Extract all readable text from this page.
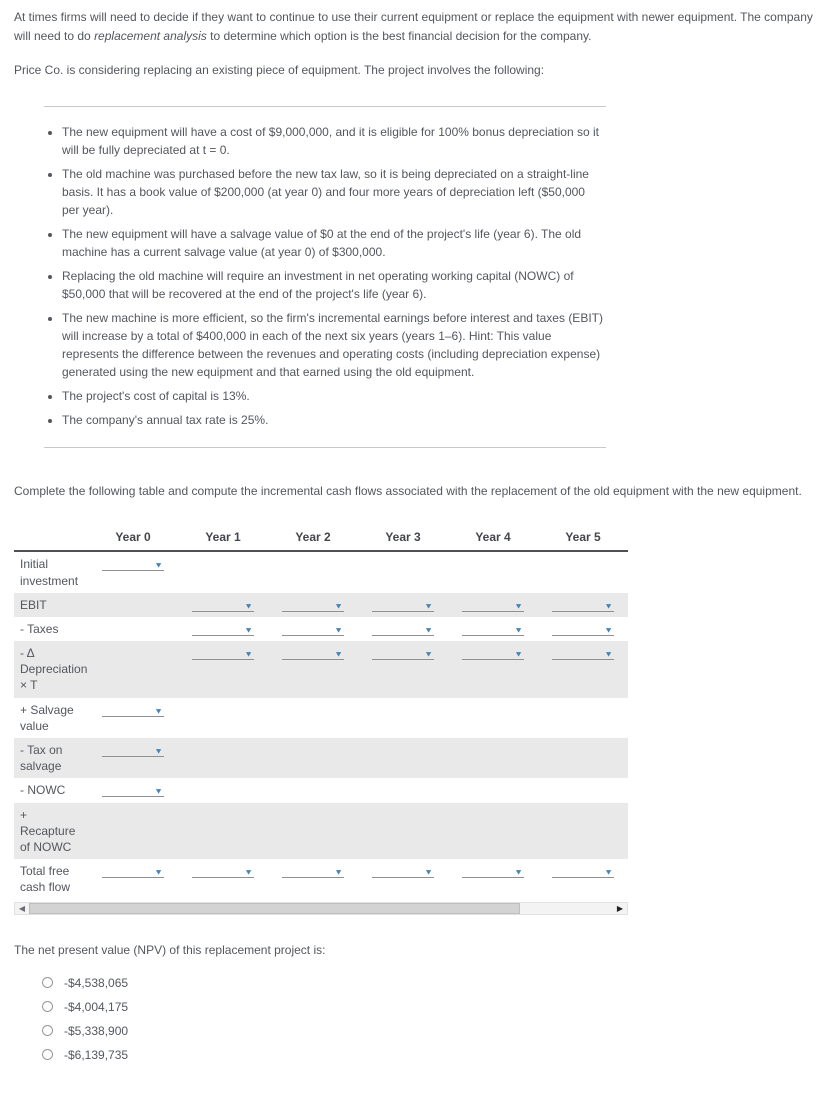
At times firms will need to decide if they want to continue to use their current equipment or replace the equipment with newer equipment. The company will need to do replacement analysis to determine which option is the best financial decision for the company.

Price Co. is considering replacing an existing piece of equipment. The project involves the following:

• The new equipment will have a cost of $9,000,000, and it is eligible for 100% bonus depreciation so it will be fully depreciated at t = 0.
• The old machine was purchased before the new tax law, so it is being depreciated on a straight-line basis. It has a book value of $200,000 (at year 0) and four more years of depreciation left ($50,000 per year).
• The new equipment will have a salvage value of $0 at the end of the project's life (year 6). The old machine has a current salvage value (at year 0) of $300,000.
• Replacing the old machine will require an investment in net operating working capital (NOWC) of $50,000 that will be recovered at the end of the project's life (year 6).
• The new machine is more efficient, so the firm's incremental earnings before interest and taxes (EBIT) will increase by a total of $400,000 in each of the next six years (years 1–6). Hint: This value represents the difference between the revenues and operating costs (including depreciation expense) generated using the new equipment and that earned using the old equipment.
• The project's cost of capital is 13%.
• The company's annual tax rate is 25%.

Complete the following table and compute the incremental cash flows associated with the replacement of the old equipment with the new equipment.

	Year 0	Year 1	Year 2	Year 3	Year 4	Year 5
Initial investment	▼					

EBIT		▼	▼	▼	▼	▼

- Taxes		▼	▼	▼	▼	▼

- Δ Depreciation × T		▼	▼	▼	▼	▼

+ Salvage value	▼					

- Tax on salvage	▼					

- NOWC	▼					

+ Recapture of NOWC						
Total free cash flow	▼	▼	▼	▼	▼	▼
◀	▶

The net present value (NPV) of this replacement project is:

-$4,538,065
-$4,004,175
-$5,338,900
-$6,139,735
